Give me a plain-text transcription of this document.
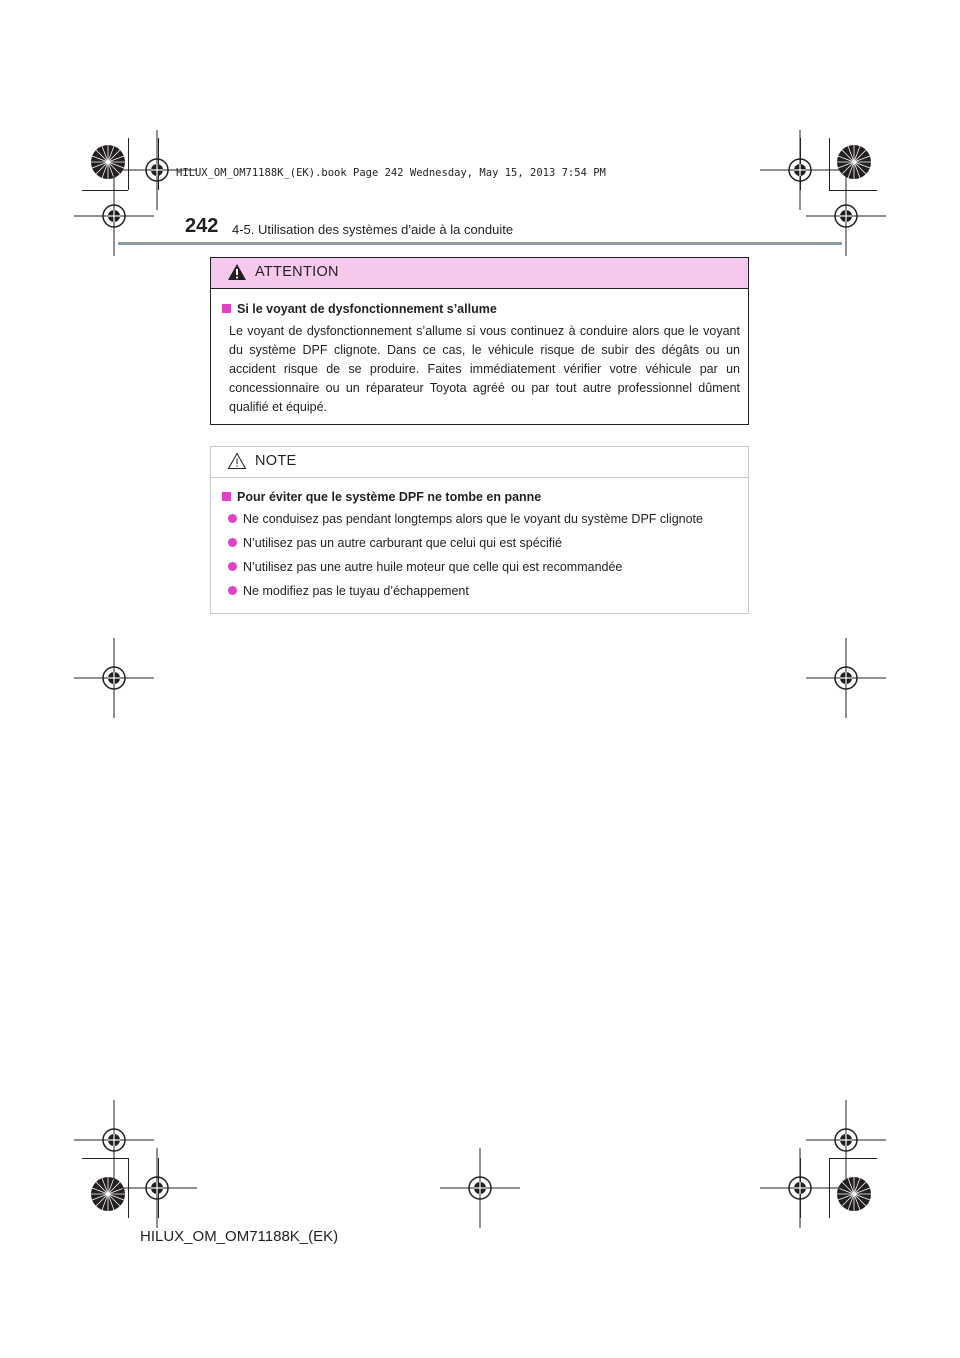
HILUX_OM_OM71188K_(EK).book Page 242 Wednesday, May 15, 2013 7:54 PM
242 4-5. Utilisation des systèmes d’aide à la conduite
ATTENTION
Si le voyant de dysfonctionnement s’allume
Le voyant de dysfonctionnement s’allume si vous continuez à conduire alors que le voyant du système DPF clignote. Dans ce cas, le véhicule risque de subir des dégâts ou un accident risque de se produire. Faites immédiatement vérifier votre véhicule par un concessionnaire ou un réparateur Toyota agréé ou par tout autre professionnel dûment qualifié et équipé.
NOTE
Pour éviter que le système DPF ne tombe en panne
Ne conduisez pas pendant longtemps alors que le voyant du système DPF clignote
N’utilisez pas un autre carburant que celui qui est spécifié
N’utilisez pas une autre huile moteur que celle qui est recommandée
Ne modifiez pas le tuyau d’échappement
HILUX_OM_OM71188K_(EK)
